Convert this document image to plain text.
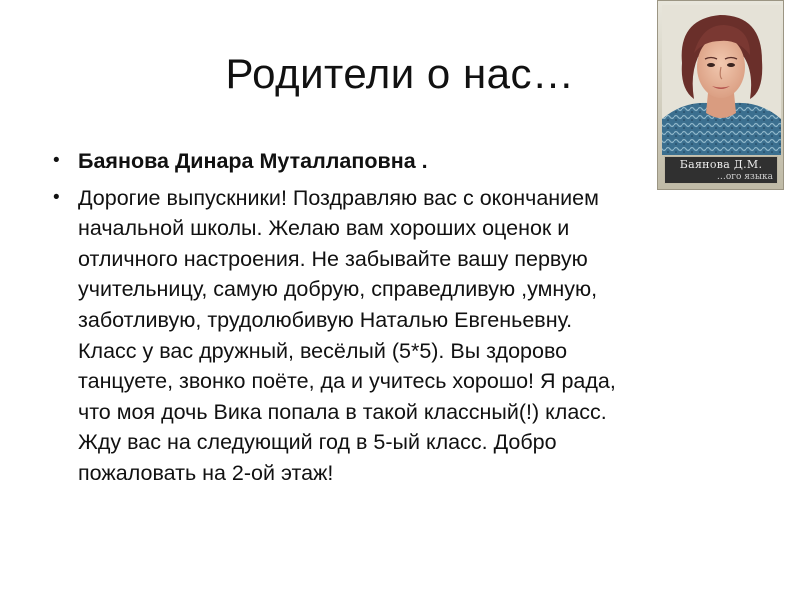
Родители о нас…
• Баянова Динара Муталлаповна .
• Дорогие выпускники! Поздравляю вас с окончанием
начальной школы. Желаю вам хороших оценок и
отличного настроения. Не забывайте вашу первую
учительницу, самую добрую, справедливую ,умную,
заботливую, трудолюбивую Наталью Евгеньевну.
Класс у вас дружный, весёлый (5*5). Вы здорово
танцуете, звонко поёте, да и учитесь хорошо! Я рада,
что моя дочь Вика попала в такой классный(!) класс.
Жду вас на следующий год в 5-ый класс. Добро
пожаловать на 2-ой этаж!
Баянова Д.М.
…ого языка
